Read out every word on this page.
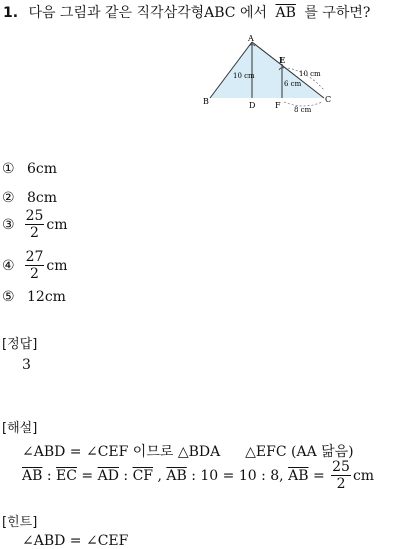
1. 다음 그림과 같은 직각삼각형ABC 에서 $\overline{AB}$ 를 구하면?
A
B	C
D
E
F
10 cm	10 cm
6 cm
8 cm
① 6cm
② 8cm
③ $\frac{25}{2}$ cm
④ $\frac{27}{2}$ cm
⑤ 12cm
[정답]
3
[해설]
∠ABD = ∠CEF 이므로 △BDA △EFC (AA 닮음)
$\overline{AB}$ : $\overline{EC} = \overline{AD}$ : $\overline{CF}$ , $\overline{AB}$ : 10 = 10 : 8, $\overline{AB} = \frac{25}{2}$ cm
[힌트]
∠ABD = ∠CEF
